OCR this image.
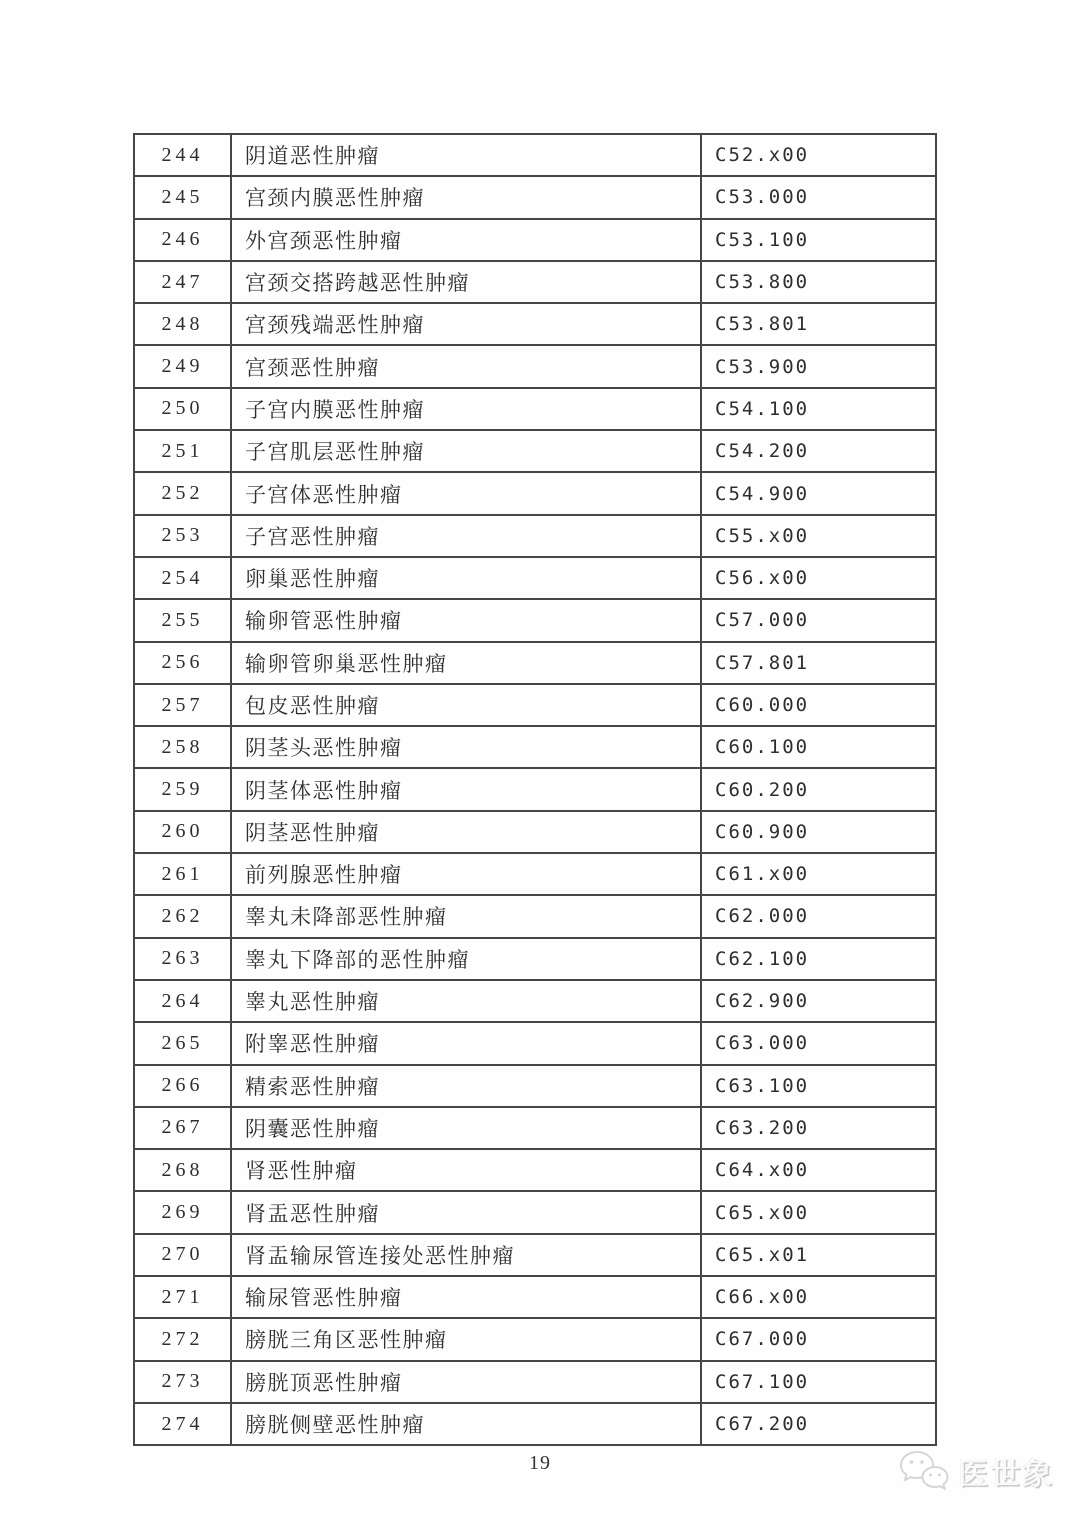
244	阴道恶性肿瘤	C52.x00
245	宫颈内膜恶性肿瘤	C53.000
246	外宫颈恶性肿瘤	C53.100
247	宫颈交搭跨越恶性肿瘤	C53.800
248	宫颈残端恶性肿瘤	C53.801
249	宫颈恶性肿瘤	C53.900
250	子宫内膜恶性肿瘤	C54.100
251	子宫肌层恶性肿瘤	C54.200
252	子宫体恶性肿瘤	C54.900
253	子宫恶性肿瘤	C55.x00
254	卵巢恶性肿瘤	C56.x00
255	输卵管恶性肿瘤	C57.000
256	输卵管卵巢恶性肿瘤	C57.801
257	包皮恶性肿瘤	C60.000
258	阴茎头恶性肿瘤	C60.100
259	阴茎体恶性肿瘤	C60.200
260	阴茎恶性肿瘤	C60.900
261	前列腺恶性肿瘤	C61.x00
262	睾丸未降部恶性肿瘤	C62.000
263	睾丸下降部的恶性肿瘤	C62.100
264	睾丸恶性肿瘤	C62.900
265	附睾恶性肿瘤	C63.000
266	精索恶性肿瘤	C63.100
267	阴囊恶性肿瘤	C63.200
268	肾恶性肿瘤	C64.x00
269	肾盂恶性肿瘤	C65.x00
270	肾盂输尿管连接处恶性肿瘤	C65.x01
271	输尿管恶性肿瘤	C66.x00
272	膀胱三角区恶性肿瘤	C67.000
273	膀胱顶恶性肿瘤	C67.100
274	膀胱侧壁恶性肿瘤	C67.200
19	医世象
